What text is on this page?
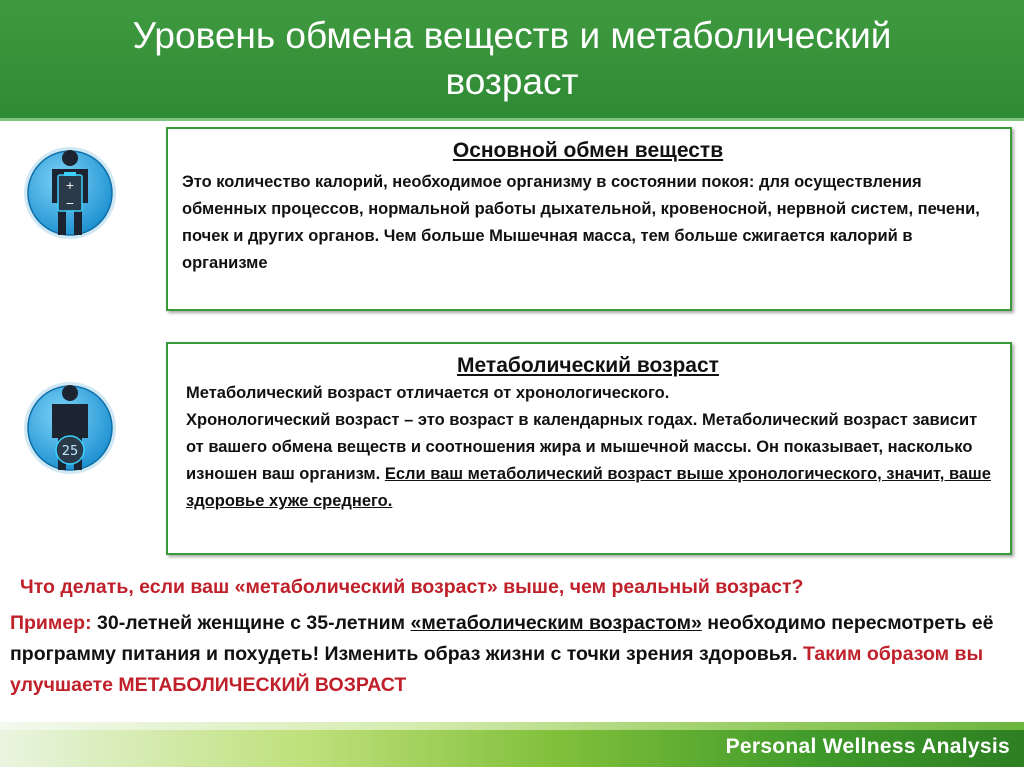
Уровень обмена веществ и метаболический возраст
+
−
Основной обмен веществ
Это количество калорий, необходимое организму в состоянии покоя: для осуществления обменных процессов, нормальной работы дыхательной, кровеносной, нервной систем, печени, почек и других органов. Чем больше Мышечная масса, тем больше сжигается калорий в организме
25
Метаболический возраст

Метаболический возраст отличается от хронологического.

Хронологический возраст – это возраст в календарных годах. Метаболический возраст зависит от вашего обмена веществ и соотношения жира и мышечной массы. Он показывает, насколько изношен ваш организм. Если ваш метаболический возраст выше хронологического, значит, ваше здоровье хуже среднего.

Что делать, если ваш «метаболический возраст» выше, чем реальный возраст?
Пример: 30-летней женщине с 35-летним «метаболическим возрастом» необходимо пересмотреть её программу питания и похудеть! Изменить образ жизни с точки зрения здоровья. Таким образом вы улучшаете МЕТАБОЛИЧЕСКИЙ ВОЗРАСТ
Personal Wellness Analysis
